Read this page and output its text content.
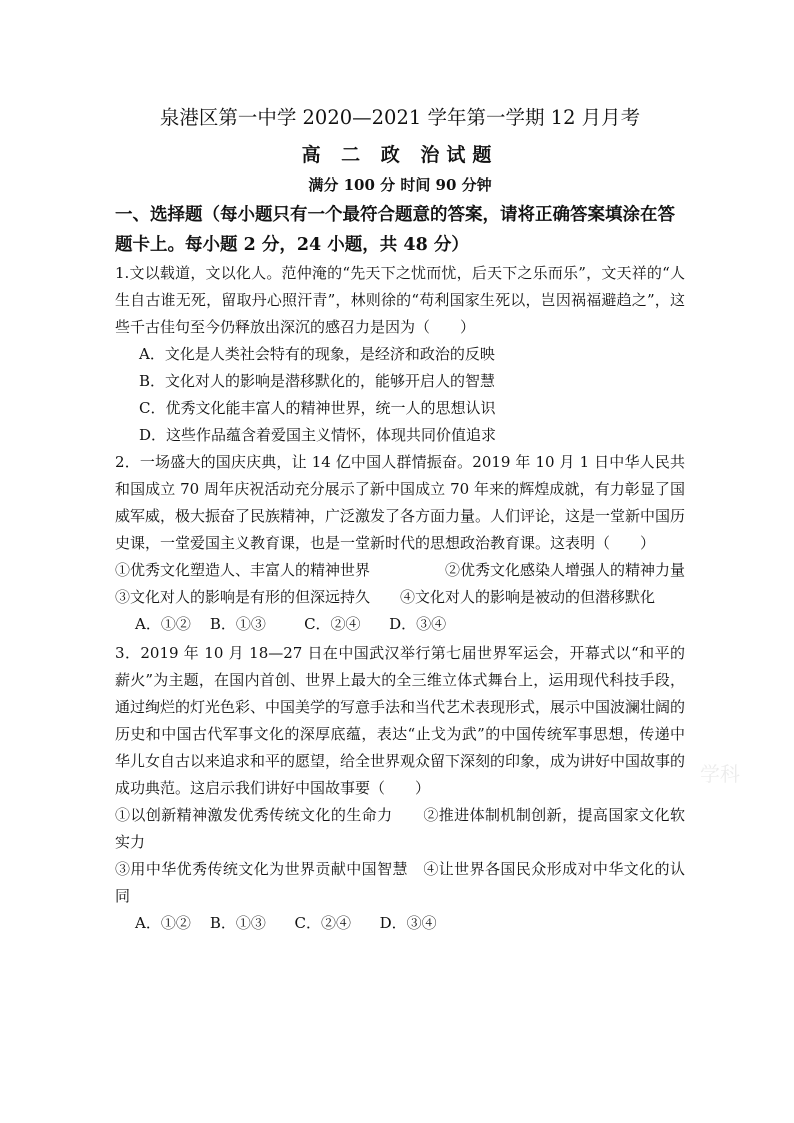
泉港区第一中学 2020—2021 学年第一学期 12 月月考
高 二 政 治试题
满分 100 分 时间 90 分钟
一、选择题（每小题只有一个最符合题意的答案，请将正确答案填涂在答题卡上。每小题 2 分，24 小题，共 48 分）
1.文以载道，文以化人。范仲淹的“先天下之忧而忧，后天下之乐而乐”，文天祥的“人生自古谁无死，留取丹心照汗青”，林则徐的“苟利国家生死以，岂因祸福避趋之”，这些千古佳句至今仍释放出深沉的感召力是因为（　　）
A．文化是人类社会特有的现象，是经济和政治的反映
B．文化对人的影响是潜移默化的，能够开启人的智慧
C．优秀文化能丰富人的精神世界，统一人的思想认识
D．这些作品蕴含着爱国主义情怀，体现共同价值追求
2．一场盛大的国庆庆典，让 14 亿中国人群情振奋。2019 年 10 月 1 日中华人民共和国成立 70 周年庆祝活动充分展示了新中国成立 70 年来的辉煌成就，有力彰显了国威军威，极大振奋了民族精神，广泛激发了各方面力量。人们评论，这是一堂新中国历史课，一堂爱国主义教育课，也是一堂新时代的思想政治教育课。这表明（　　）
①优秀文化塑造人、丰富人的精神世界	②优秀文化感染人增强人的精神力量
③文化对人的影响是有形的但深远持久　　 ④文化对人的影响是被动的但潜移默化
A．①②    B．①③        C．②④      D．③④
3．2019 年 10 月 18—27 日在中国武汉举行第七届世界军运会，开幕式以“和平的薪火”为主题，在国内首创、世界上最大的全三维立体式舞台上，运用现代科技手段，通过绚烂的灯光色彩、中国美学的写意手法和当代艺术表现形式，展示中国波澜壮阔的历史和中国古代军事文化的深厚底蕴，表达“止戈为武”的中国传统军事思想，传递中华儿女自古以来追求和平的愿望，给全世界观众留下深刻的印象，成为讲好中国故事的成功典范。这启示我们讲好中国故事要（　　）
①以创新精神激发优秀传统文化的生命力　　 ②推进体制机制创新，提高国家文化软实力
③用中华优秀传统文化为世界贡献中国智慧　 ④让世界各国民众形成对中华文化的认同
A．①②    B．①③      C．②④      D．③④
学科
